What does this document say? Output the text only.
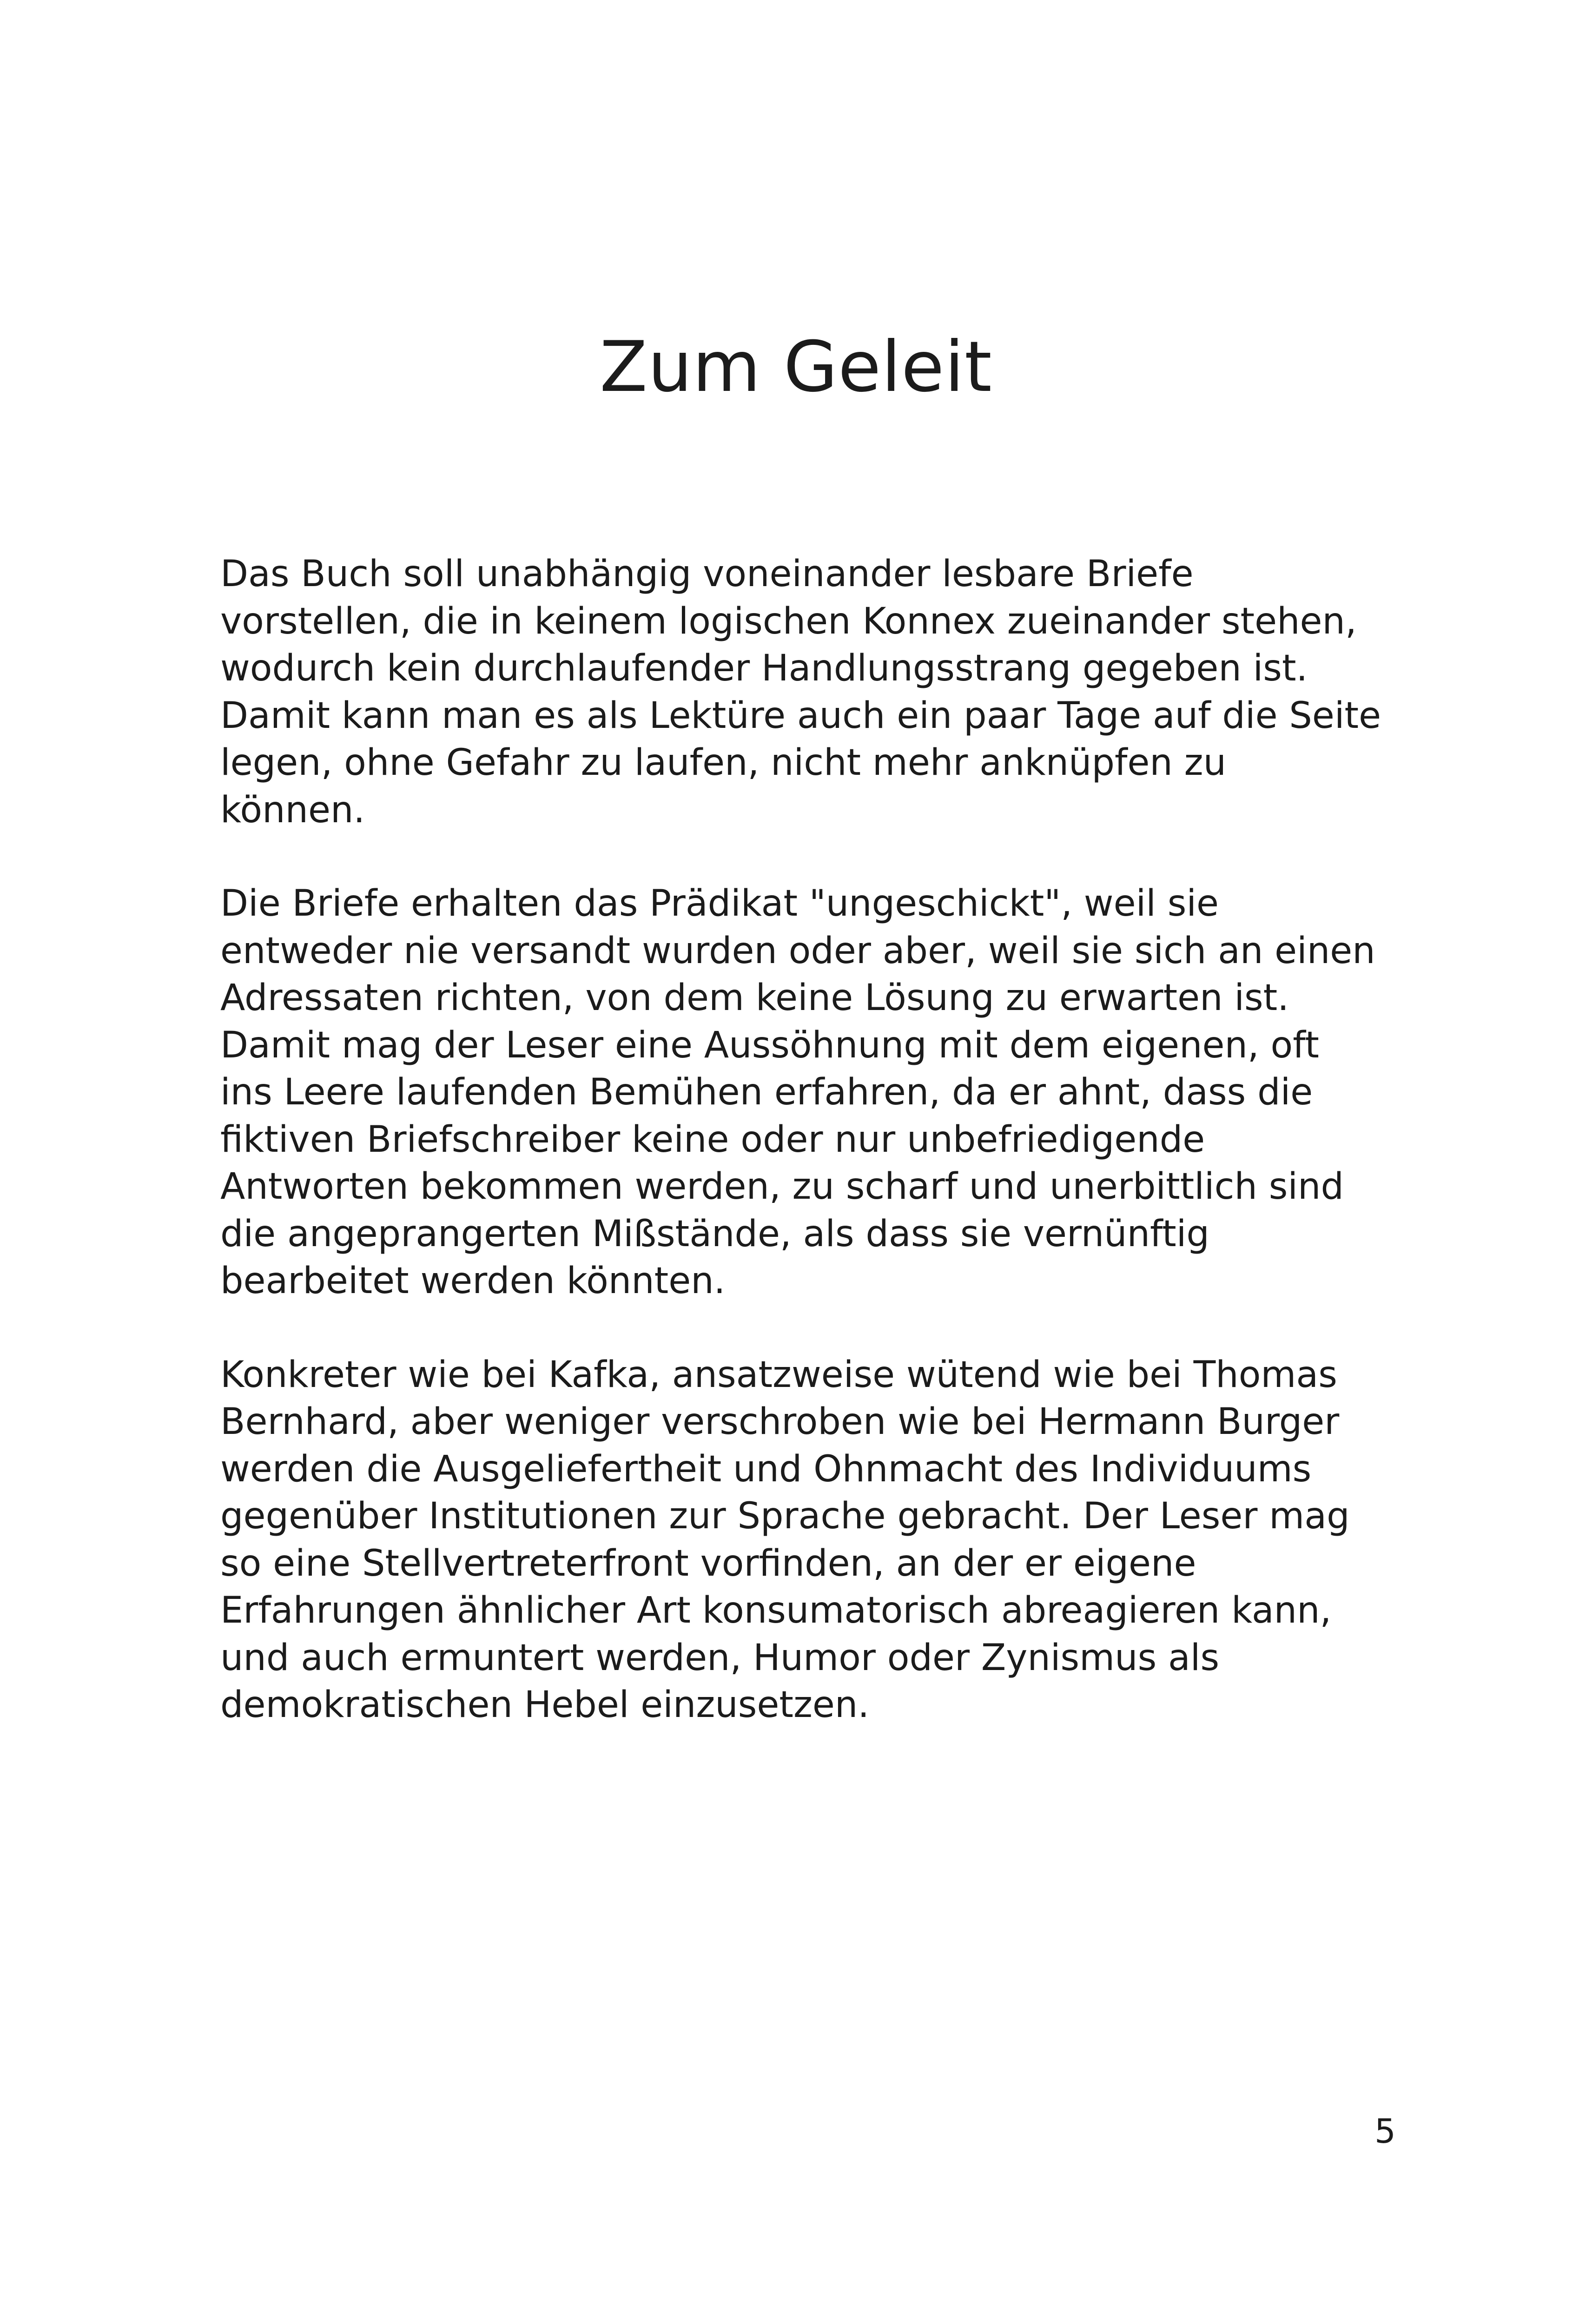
Zum Geleit

Das Buch soll unabhängig voneinander lesbare Briefe
vorstellen, die in keinem logischen Konnex zueinander stehen,
wodurch kein durchlaufender Handlungsstrang gegeben ist.
Damit kann man es als Lektüre auch ein paar Tage auf die Seite
legen, ohne Gefahr zu laufen, nicht mehr anknüpfen zu
können.

Die Briefe erhalten das Prädikat "ungeschickt", weil sie
entweder nie versandt wurden oder aber, weil sie sich an einen
Adressaten richten, von dem keine Lösung zu erwarten ist.
Damit mag der Leser eine Aussöhnung mit dem eigenen, oft
ins Leere laufenden Bemühen erfahren, da er ahnt, dass die
fiktiven Briefschreiber keine oder nur unbefriedigende
Antworten bekommen werden, zu scharf und unerbittlich sind
die angeprangerten Mißstände, als dass sie vernünftig
bearbeitet werden könnten.

Konkreter wie bei Kafka, ansatzweise wütend wie bei Thomas
Bernhard, aber weniger verschroben wie bei Hermann Burger
werden die Ausgeliefertheit und Ohnmacht des Individuums
gegenüber Institutionen zur Sprache gebracht. Der Leser mag
so eine Stellvertreterfront vorfinden, an der er eigene
Erfahrungen ähnlicher Art konsumatorisch abreagieren kann,
und auch ermuntert werden, Humor oder Zynismus als
demokratischen Hebel einzusetzen.

5
